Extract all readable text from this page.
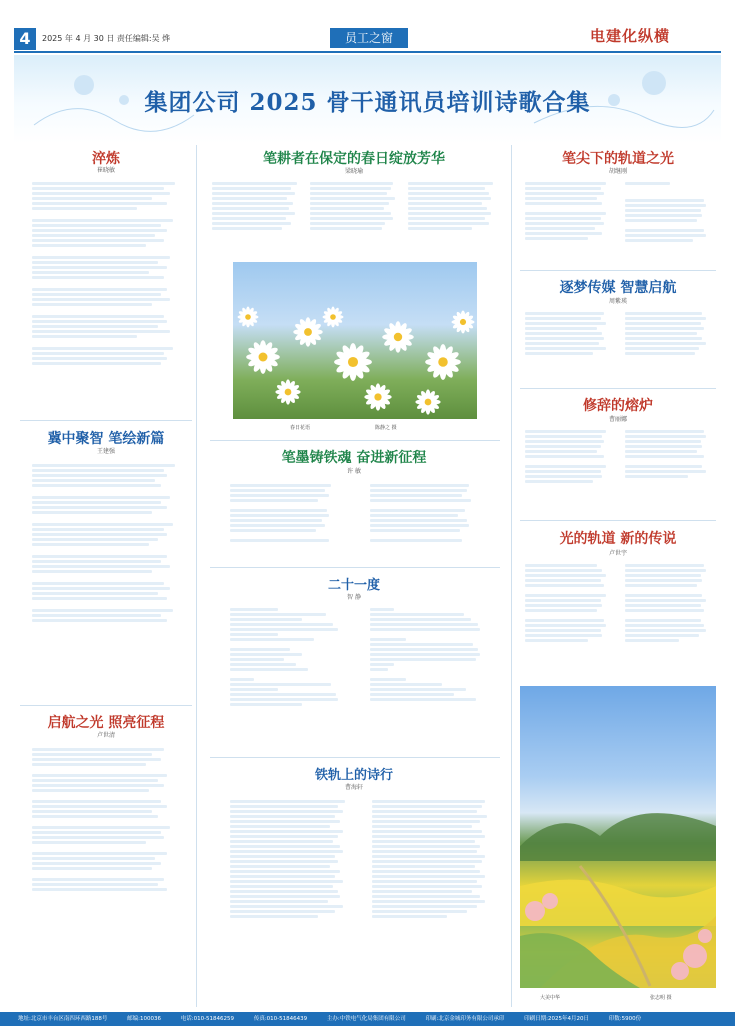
4	2025 年 4 月 30 日 责任编辑:吴 烨	员工之窗	电建化纵横
集团公司 2025 骨干通讯员培训诗歌合集
淬炼
崔晓敏
冀中聚智 笔绘新篇
王建强
启航之光 照亮征程
卢世清
笔耕者在保定的春日绽放芳华
梁晓瑜
春日花语	陈静之 摄
笔墨铸铁魂 奋进新征程
许 敏
二十一度
智 静
铁轨上的诗行
曹海轩
笔尖下的轨道之光
胡继刚
逐梦传媒 智慧启航
周紫瑛
修辞的熔炉
曹丽娜
光的轨道 新的传说
卢世宇
大美中华	张志明 摄
地址:北京市丰台区南四环西路188号	邮编:100036	电话:010-51846259	传真:010-51846439	主办:中铁电气化局集团有限公司	印刷:北京金城印务有限公司承印	印刷日期:2025年4月20日	印数:5900份
